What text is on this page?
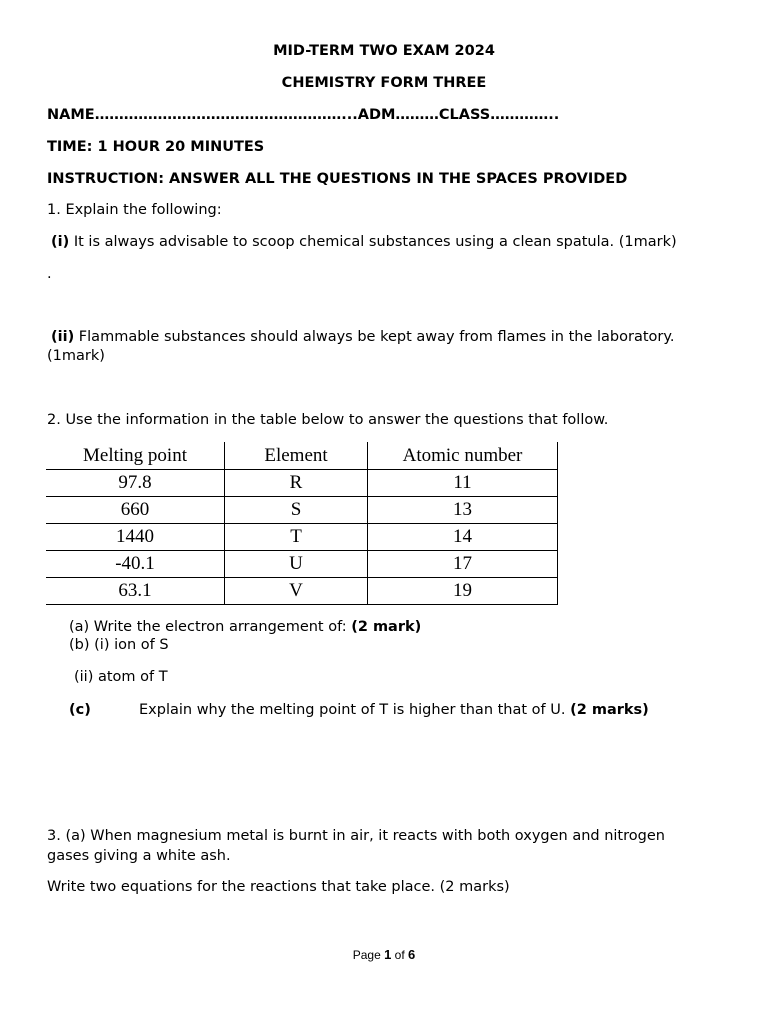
MID-TERM TWO EXAM 2024
CHEMISTRY FORM THREE
NAME……………………………………………...ADM………CLASS…………..
TIME: 1 HOUR 20 MINUTES
INSTRUCTION: ANSWER ALL THE QUESTIONS IN THE SPACES PROVIDED
1. Explain the following:
(i) It is always advisable to scoop chemical substances using a clean spatula. (1mark)
.
(ii) Flammable substances should always be kept away from flames in the laboratory.
(1mark)
2. Use the information in the table below to answer the questions that follow.
Melting point	Element	Atomic number
97.8	R	11
660	S	13
1440	T	14
-40.1	U	17
63.1	V	19
(a) Write the electron arrangement of: (2 mark)
(b) (i) ion of S
(ii) atom of T
(c)	Explain why the melting point of T is higher than that of U. (2 marks)
3. (a) When magnesium metal is burnt in air, it reacts with both oxygen and nitrogen
gases giving a white ash.
Write two equations for the reactions that take place. (2 marks)
Page 1 of 6
